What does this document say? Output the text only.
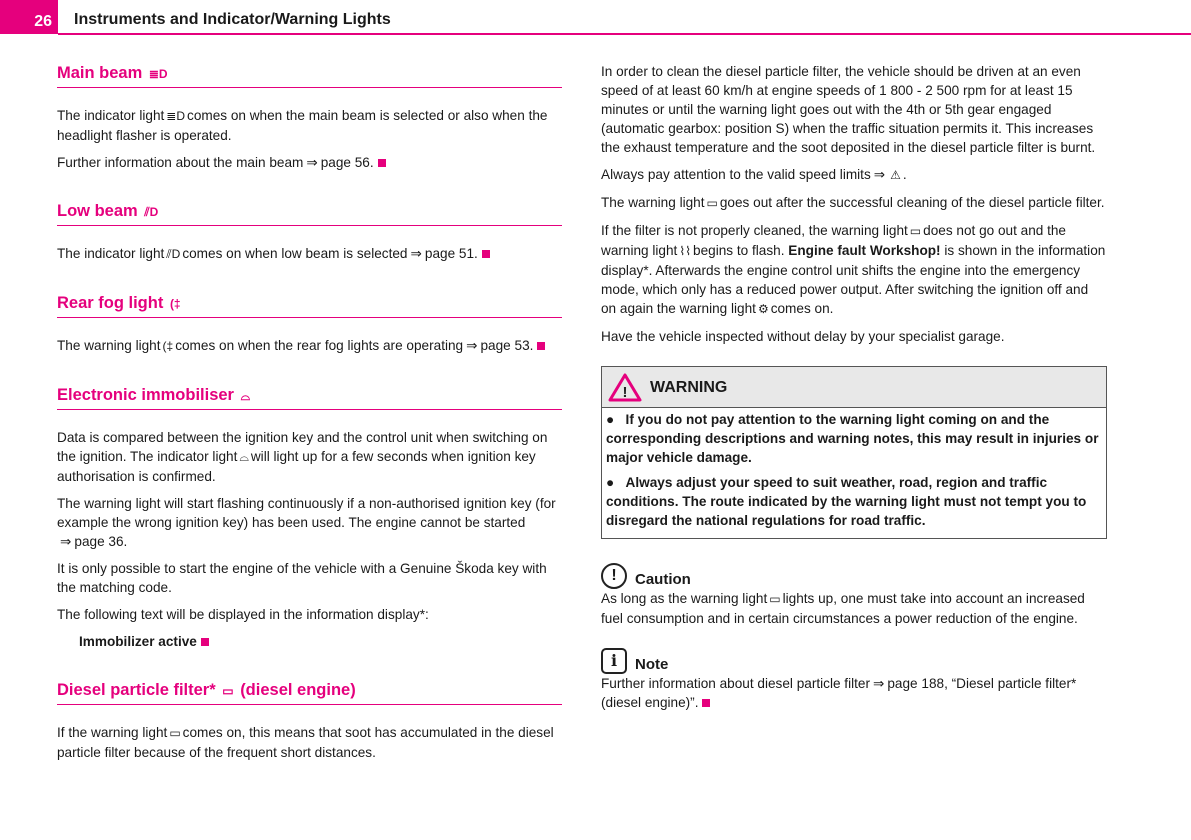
26	Instruments and Indicator/Warning Lights
Main beam ≣D

The indicator light ≣D comes on when the main beam is selected or also when the headlight flasher is operated.

Further information about the main beam ⇒ page 56.

Low beam ⫽D

The indicator light ⫽D comes on when low beam is selected ⇒ page 51.

Rear fog light (‡

The warning light (‡ comes on when the rear fog lights are operating ⇒ page 53.

Electronic immobiliser ⌓

Data is compared between the ignition key and the control unit when switching on the ignition. The indicator light ⌓ will light up for a few seconds when ignition key authorisation is confirmed.

The warning light will start flashing continuously if a non-authorised ignition key (for example the wrong ignition key) has been used. The engine cannot be started ⇒ page 36.

It is only possible to start the engine of the vehicle with a Genuine Škoda key with the matching code.

The following text will be displayed in the information display*:

Immobilizer active

Diesel particle filter* ▭ (diesel engine)

If the warning light ▭ comes on, this means that soot has accumulated in the diesel particle filter because of the frequent short distances.

In order to clean the diesel particle filter, the vehicle should be driven at an even speed of at least 60 km/h at engine speeds of 1 800 - 2 500 rpm for at least 15 minutes or until the warning light goes out with the 4th or 5th gear engaged (automatic gearbox: position S) when the traffic situation permits it. This increases the exhaust temperature and the soot deposited in the diesel particle filter is burnt.

Always pay attention to the valid speed limits ⇒ ⚠ .

The warning light ▭ goes out after the successful cleaning of the diesel particle filter.

If the filter is not properly cleaned, the warning light ▭ does not go out and the warning light ⌇⌇ begins to flash. Engine fault Workshop! is shown in the information display*. Afterwards the engine control unit shifts the engine into the emergency mode, which only has a reduced power output. After switching the ignition off and on again the warning light ⚙ comes on.

Have the vehicle inspected without delay by your specialist garage.

! WARNING

●   If you do not pay attention to the warning light coming on and the corresponding descriptions and warning notes, this may result in injuries or major vehicle damage.

●   Always adjust your speed to suit weather, road, region and traffic conditions. The route indicated by the warning light must not tempt you to disregard the national regulations for road traffic.

!	Caution

As long as the warning light ▭ lights up, one must take into account an increased fuel consumption and in certain circumstances a power reduction of the engine.

i	Note

Further information about diesel particle filter ⇒ page 188, “Diesel particle filter* (diesel engine)”.
